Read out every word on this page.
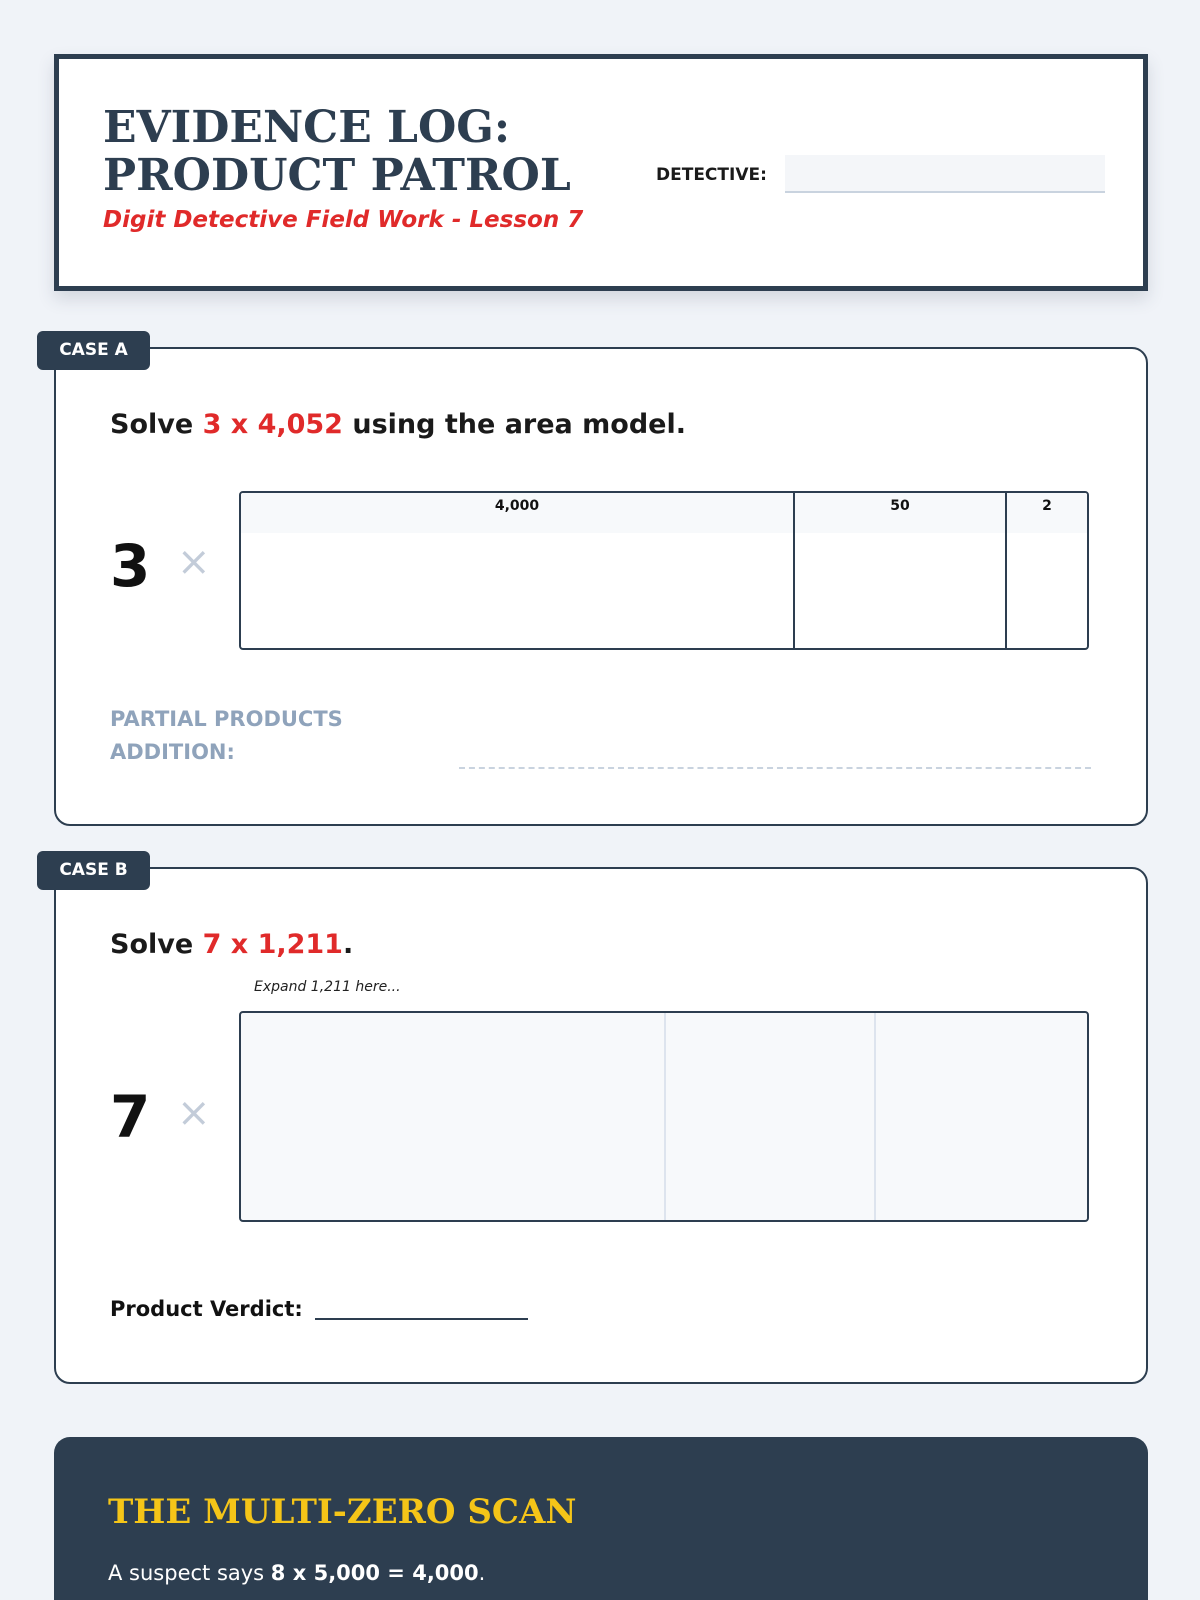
EVIDENCE LOG:
PRODUCT PATROL
Digit Detective Field Work - Lesson 7
DETECTIVE:
Solve 3 x 4,052 using the area model.
3 ×
4,000	50	2
PARTIAL PRODUCTS
ADDITION:
CASE A
Solve 7 x 1,211.
Expand 1,211 here...
7 ×
Product Verdict:
CASE B
THE MULTI-ZERO SCAN

A suspect says 8 x 5,000 = 4,000.
